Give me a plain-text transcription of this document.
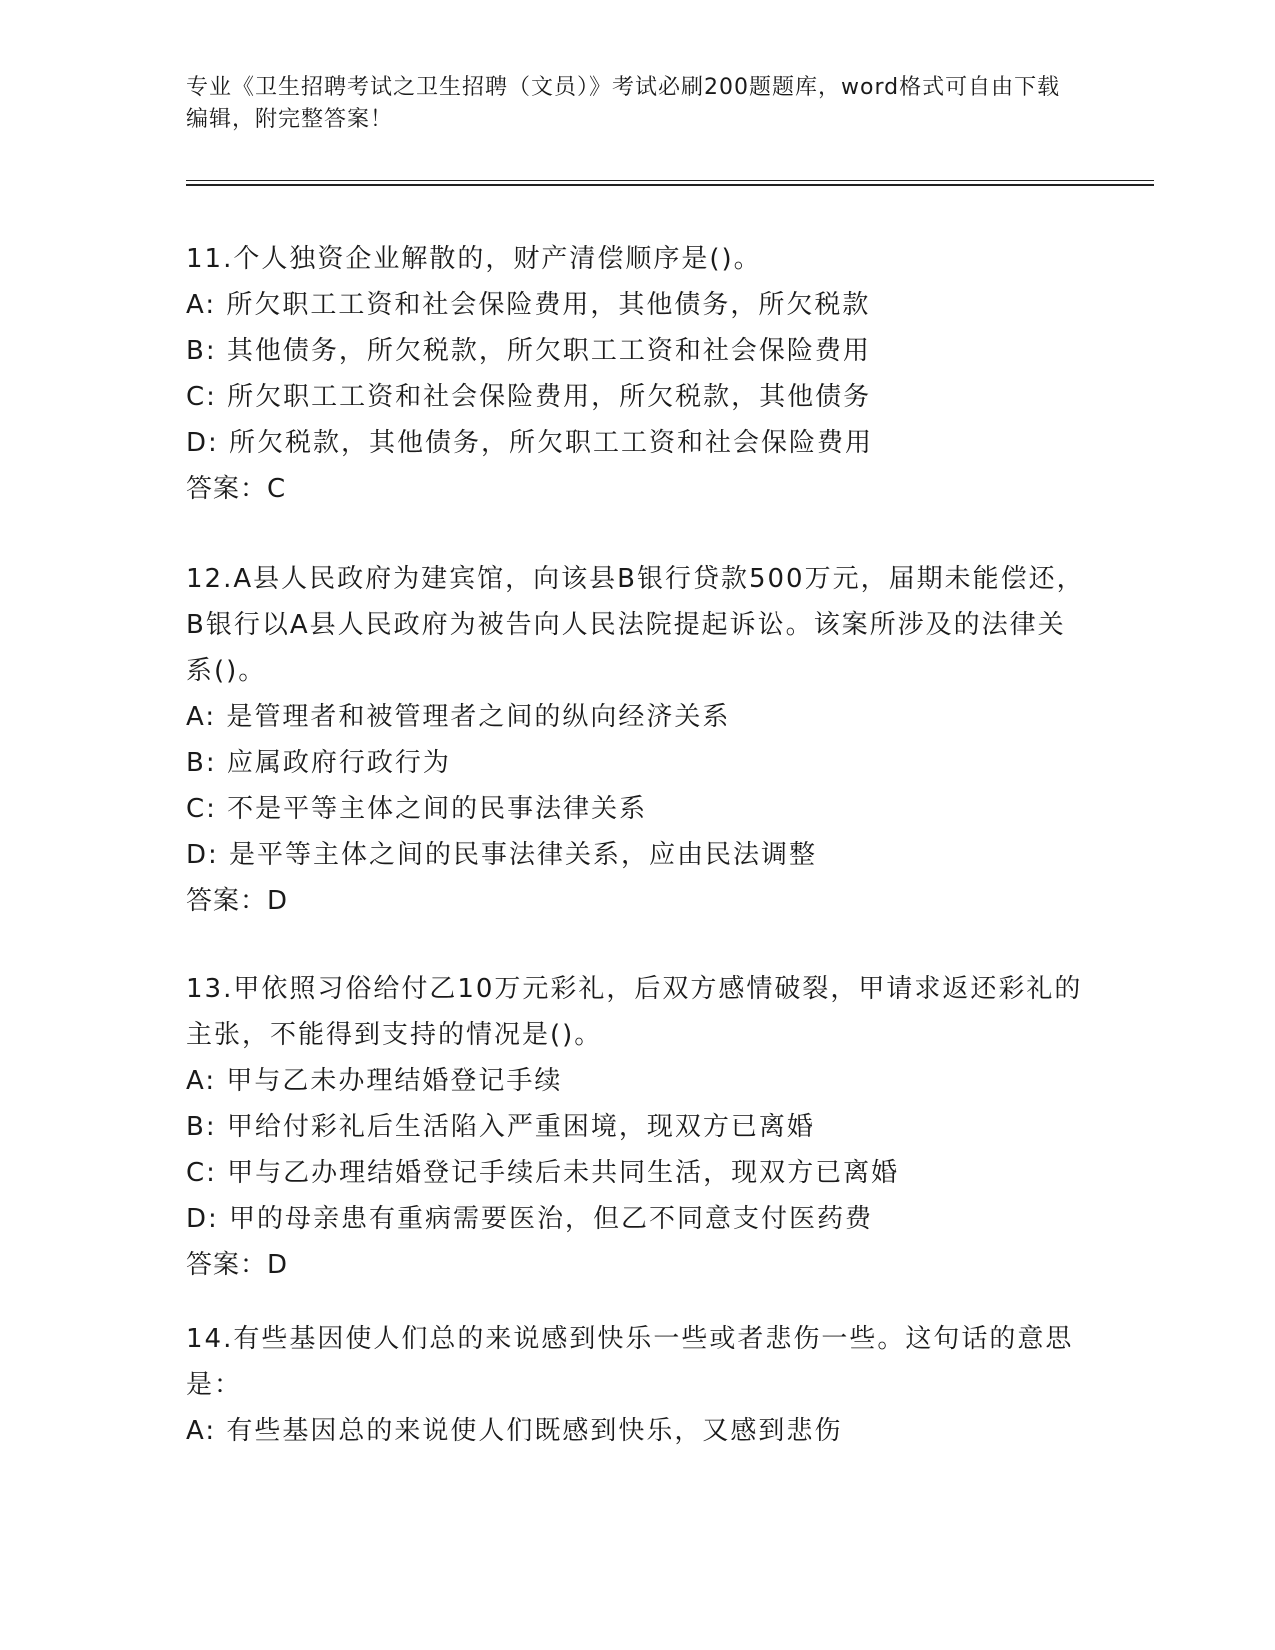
专业《卫生招聘考试之卫生招聘（文员）》考试必刷200题题库，word格式可自由下载编辑，附完整答案！
11.个人独资企业解散的，财产清偿顺序是()。
A: 所欠职工工资和社会保险费用，其他债务，所欠税款
B: 其他债务，所欠税款，所欠职工工资和社会保险费用
C: 所欠职工工资和社会保险费用，所欠税款，其他债务
D: 所欠税款，其他债务，所欠职工工资和社会保险费用
答案：C
12.A县人民政府为建宾馆，向该县B银行贷款500万元，届期未能偿还，B银行以A县人民政府为被告向人民法院提起诉讼。该案所涉及的法律关系()。
A: 是管理者和被管理者之间的纵向经济关系
B: 应属政府行政行为
C: 不是平等主体之间的民事法律关系
D: 是平等主体之间的民事法律关系，应由民法调整
答案：D
13.甲依照习俗给付乙10万元彩礼，后双方感情破裂，甲请求返还彩礼的主张，不能得到支持的情况是()。
A: 甲与乙未办理结婚登记手续
B: 甲给付彩礼后生活陷入严重困境，现双方已离婚
C: 甲与乙办理结婚登记手续后未共同生活，现双方已离婚
D: 甲的母亲患有重病需要医治，但乙不同意支付医药费
答案：D
14.有些基因使人们总的来说感到快乐一些或者悲伤一些。这句话的意思是：
A: 有些基因总的来说使人们既感到快乐，又感到悲伤
